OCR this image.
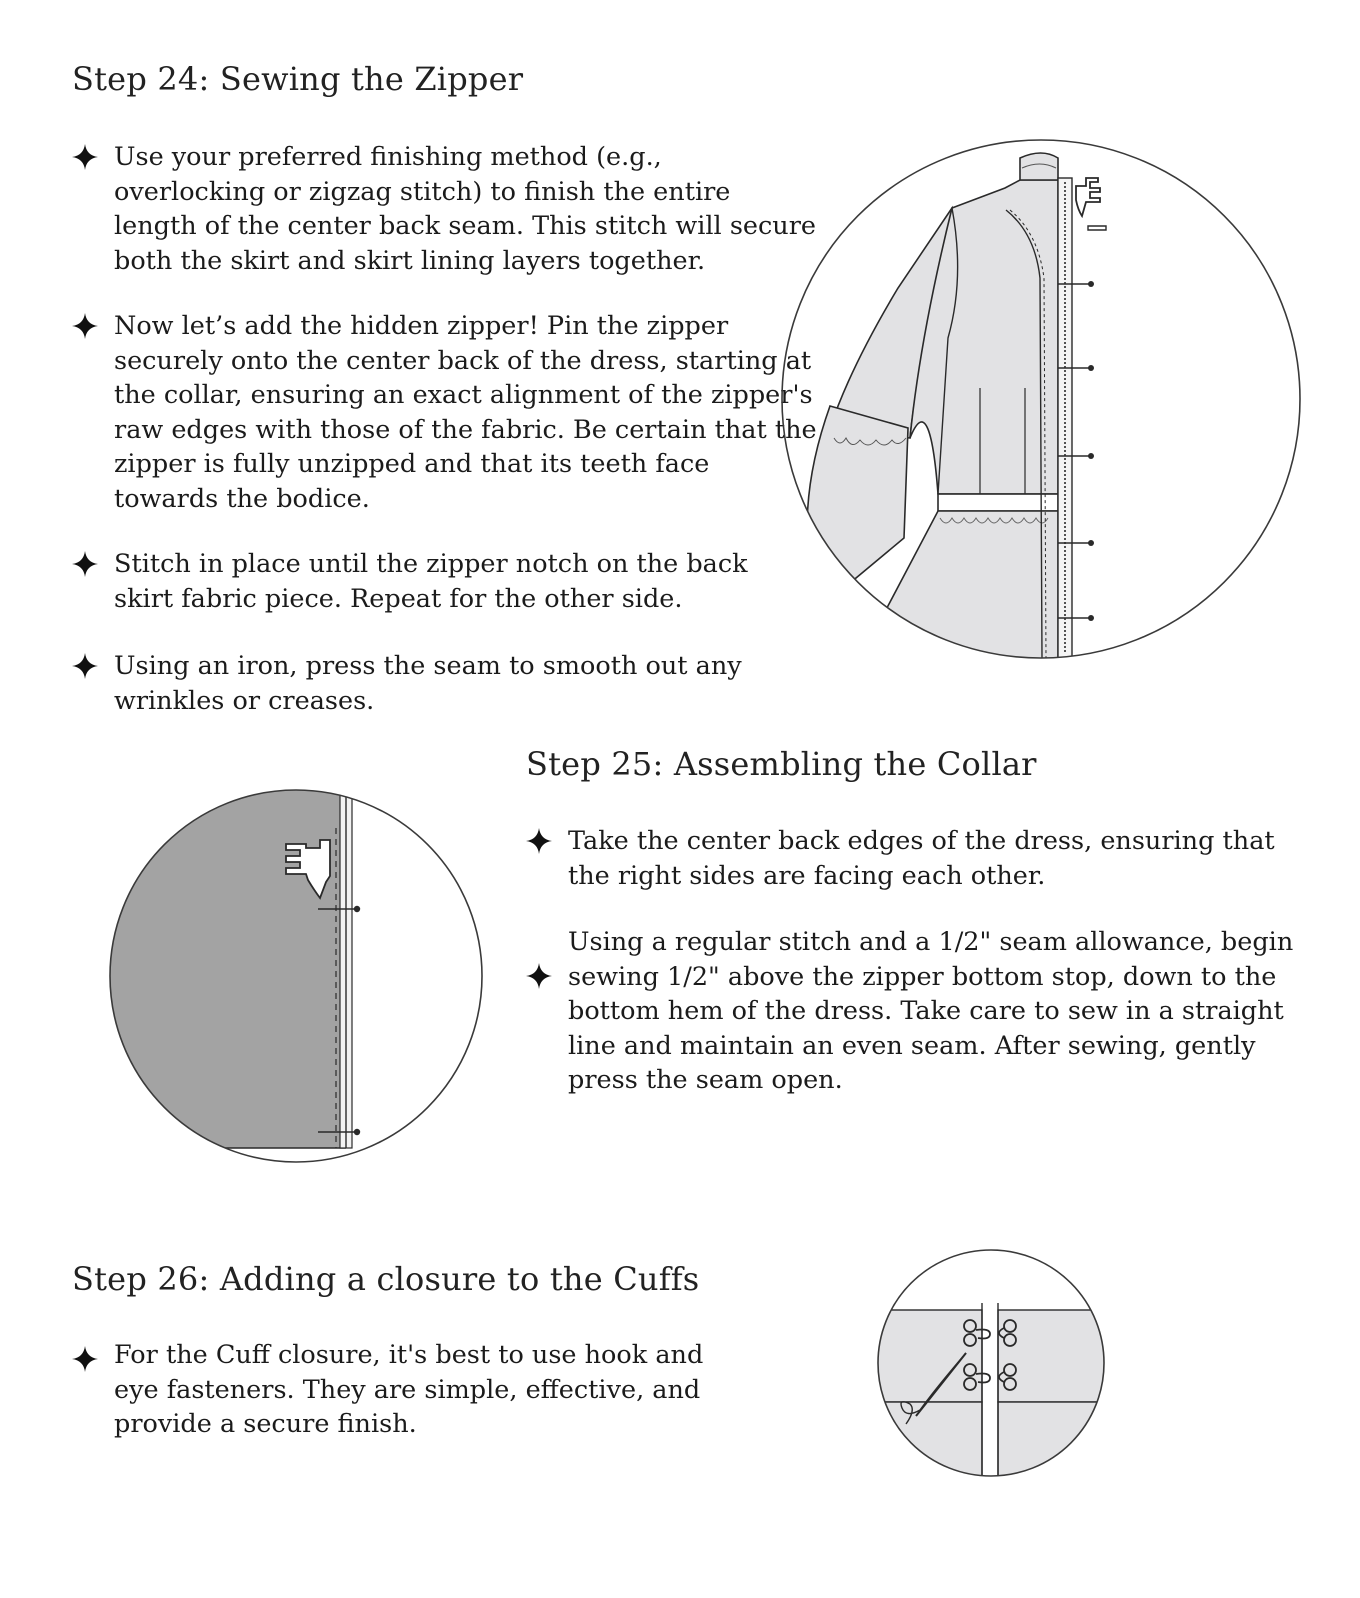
Step 24: Sewing the Zipper
Use your preferred finishing method (e.g.,
overlocking or zigzag stitch) to finish the entire
length of the center back seam. This stitch will secure
both the skirt and skirt lining layers together.
Now let’s add the hidden zipper! Pin the zipper
securely onto the center back of the dress, starting at
the collar, ensuring an exact alignment of the zipper's
raw edges with those of the fabric. Be certain that the
zipper is fully unzipped and that its teeth face
towards the bodice.
Stitch in place until the zipper notch on the back
skirt fabric piece. Repeat for the other side.
Using an iron, press the seam to smooth out any
wrinkles or creases.
Step 25: Assembling the Collar
Take the center back edges of the dress, ensuring that
the right sides are facing each other.
Using a regular stitch and a 1/2" seam allowance, begin
sewing 1/2" above the zipper bottom stop, down to the
bottom hem of the dress. Take care to sew in a straight
line and maintain an even seam. After sewing, gently
press the seam open.
Step 26: Adding a closure to the Cuffs
For the Cuff closure, it's best to use hook and
eye fasteners. They are simple, effective, and
provide a secure finish.
